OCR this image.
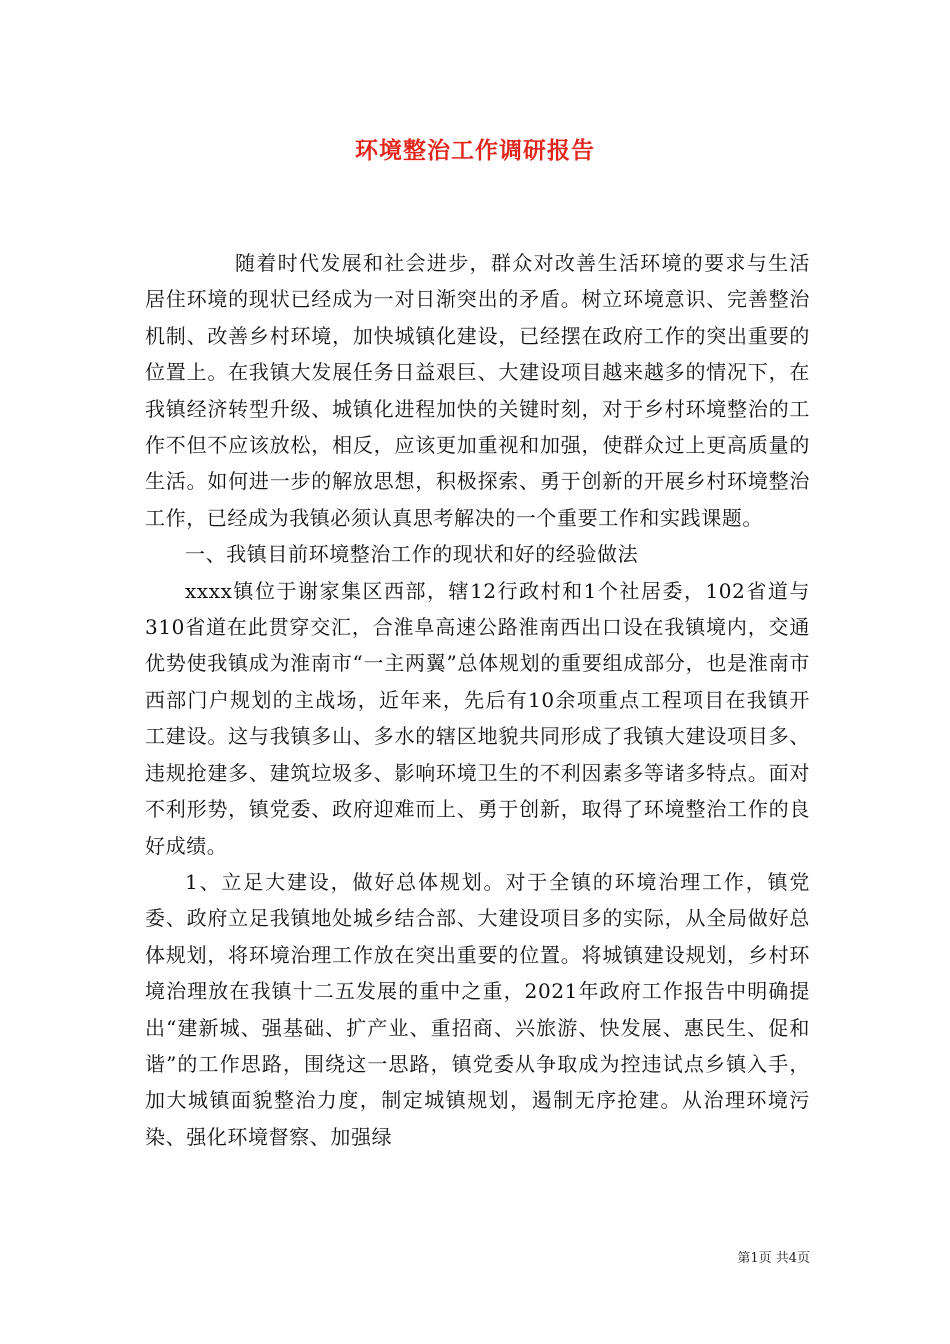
环境整治工作调研报告

随着时代发展和社会进步，群众对改善生活环境的要求与生活居住环境的现状已经成为一对日渐突出的矛盾。树立环境意识、完善整治机制、改善乡村环境，加快城镇化建设，已经摆在政府工作的突出重要的位置上。在我镇大发展任务日益艰巨、大建设项目越来越多的情况下，在我镇经济转型升级、城镇化进程加快的关键时刻，对于乡村环境整治的工作不但不应该放松，相反，应该更加重视和加强，使群众过上更高质量的生活。如何进一步的解放思想，积极探索、勇于创新的开展乡村环境整治工作，已经成为我镇必须认真思考解决的一个重要工作和实践课题。

一、我镇目前环境整治工作的现状和好的经验做法

xxxx镇位于谢家集区西部，辖12行政村和1个社居委，102省道与310省道在此贯穿交汇，合淮阜高速公路淮南西出口设在我镇境内，交通优势使我镇成为淮南市“一主两翼”总体规划的重要组成部分，也是淮南市西部门户规划的主战场，近年来，先后有10余项重点工程项目在我镇开工建设。这与我镇多山、多水的辖区地貌共同形成了我镇大建设项目多、违规抢建多、建筑垃圾多、影响环境卫生的不利因素多等诸多特点。面对不利形势，镇党委、政府迎难而上、勇于创新，取得了环境整治工作的良好成绩。

1、立足大建设，做好总体规划。对于全镇的环境治理工作，镇党委、政府立足我镇地处城乡结合部、大建设项目多的实际，从全局做好总体规划，将环境治理工作放在突出重要的位置。将城镇建设规划，乡村环境治理放在我镇十二五发展的重中之重，2021年政府工作报告中明确提出“建新城、强基础、扩产业、重招商、兴旅游、快发展、惠民生、促和谐”的工作思路，围绕这一思路，镇党委从争取成为控违试点乡镇入手，加大城镇面貌整治力度，制定城镇规划，遏制无序抢建。从治理环境污染、强化环境督察、加强绿

第1页 共4页
